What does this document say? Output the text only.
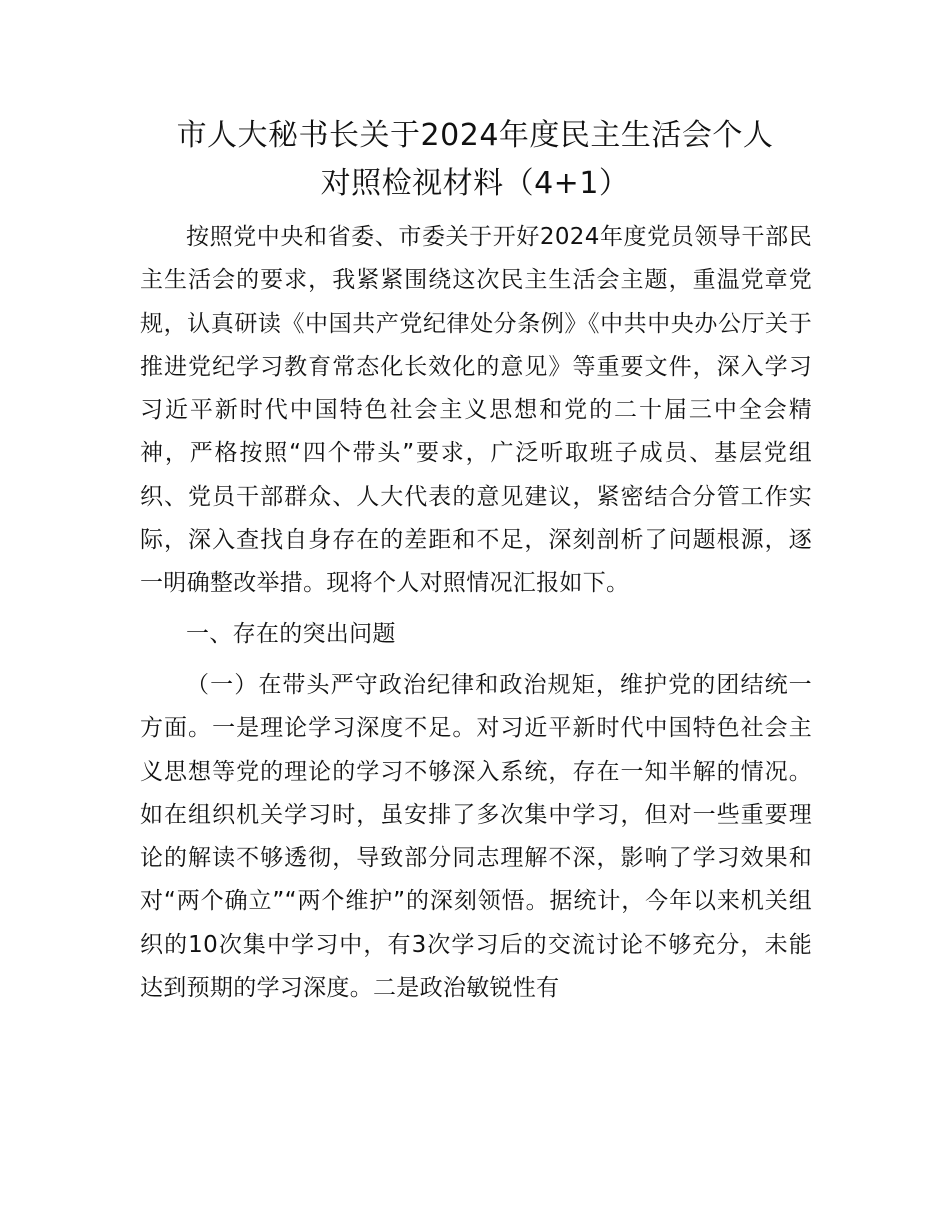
市人大秘书长关于2024年度民主生活会个人
对照检视材料（4+1）

按照党中央和省委、市委关于开好2024年度党员领导干部民主生活会的要求，我紧紧围绕这次民主生活会主题，重温党章党规，认真研读《中国共产党纪律处分条例》《中共中央办公厅关于推进党纪学习教育常态化长效化的意见》等重要文件，深入学习习近平新时代中国特色社会主义思想和党的二十届三中全会精神，严格按照“四个带头”要求，广泛听取班子成员、基层党组织、党员干部群众、人大代表的意见建议，紧密结合分管工作实际，深入查找自身存在的差距和不足，深刻剖析了问题根源，逐一明确整改举措。现将个人对照情况汇报如下。

一、存在的突出问题

（一）在带头严守政治纪律和政治规矩，维护党的团结统一方面。一是理论学习深度不足。对习近平新时代中国特色社会主义思想等党的理论的学习不够深入系统，存在一知半解的情况。如在组织机关学习时，虽安排了多次集中学习，但对一些重要理论的解读不够透彻，导致部分同志理解不深，影响了学习效果和对“两个确立”“两个维护”的深刻领悟。据统计，今年以来机关组织的10次集中学习中，有3次学习后的交流讨论不够充分，未能达到预期的学习深度。二是政治敏锐性有
